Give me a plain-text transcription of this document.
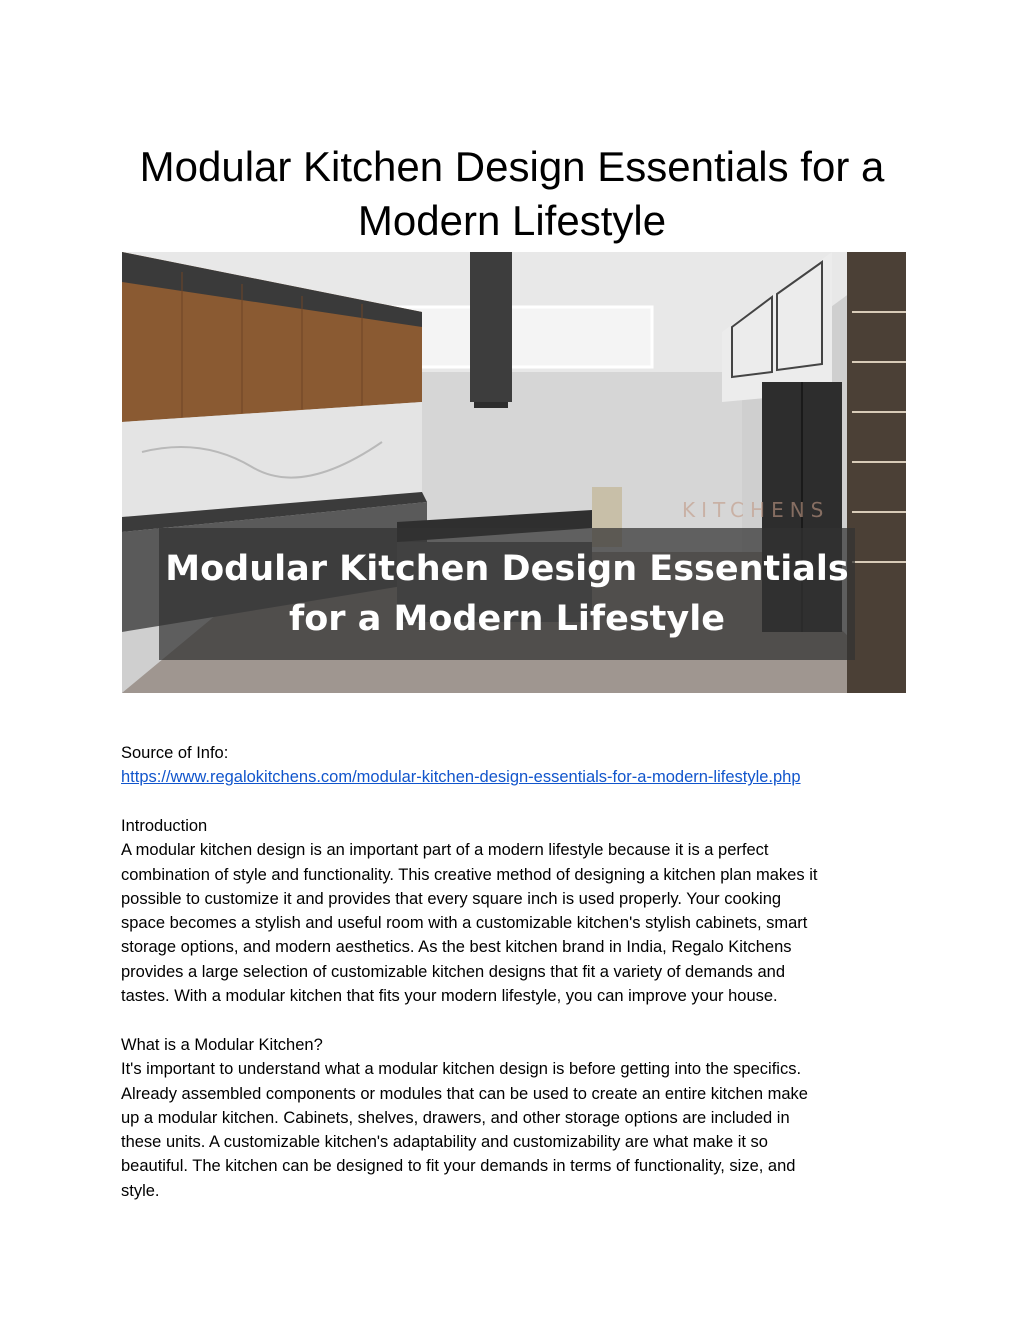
Modular Kitchen Design Essentials for a
Modern Lifestyle
KITCHENS
Modular Kitchen Design Essentials
for a Modern Lifestyle

Source of Info:

https://www.regalokitchens.com/modular-kitchen-design-essentials-for-a-modern-lifestyle.php

Introduction

A modular kitchen design is an important part of a modern lifestyle because it is a perfect

combination of style and functionality. This creative method of designing a kitchen plan makes it

possible to customize it and provides that every square inch is used properly. Your cooking

space becomes a stylish and useful room with a customizable kitchen's stylish cabinets, smart

storage options, and modern aesthetics. As the best kitchen brand in India, Regalo Kitchens

provides a large selection of customizable kitchen designs that fit a variety of demands and

tastes. With a modular kitchen that fits your modern lifestyle, you can improve your house.

What is a Modular Kitchen?

It's important to understand what a modular kitchen design is before getting into the specifics.

Already assembled components or modules that can be used to create an entire kitchen make

up a modular kitchen. Cabinets, shelves, drawers, and other storage options are included in

these units. A customizable kitchen's adaptability and customizability are what make it so

beautiful. The kitchen can be designed to fit your demands in terms of functionality, size, and

style.
